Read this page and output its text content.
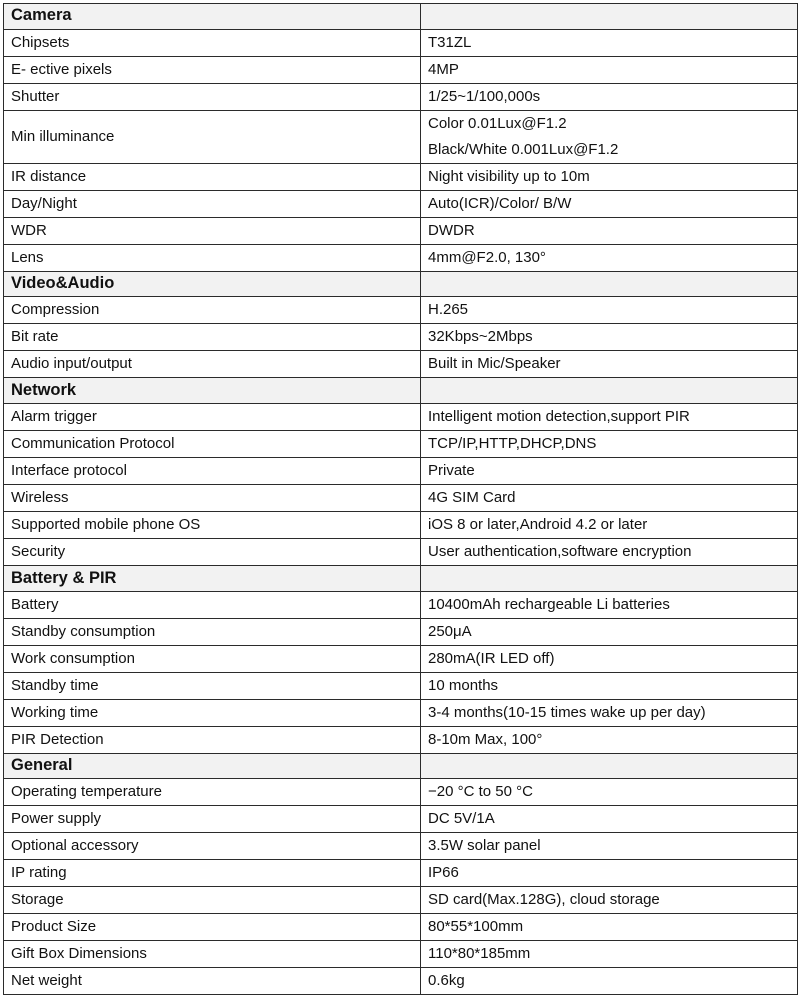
Camera	
Chipsets	T31ZL

E- ective pixels	4MP

Shutter	1/25~1/100,000s

Min illuminance	Color 0.01Lux@F1.2
Black/White 0.001Lux@F1.2

IR distance	Night visibility up to 10m

Day/Night	Auto(ICR)/Color/ B/W

WDR	DWDR

Lens	4mm@F2.0, 130°

Video&Audio	
Compression	H.265

Bit rate	32Kbps~2Mbps

Audio input/output	Built in Mic/Speaker

Network	
Alarm trigger	Intelligent motion detection,support PIR

Communication Protocol	TCP/IP,HTTP,DHCP,DNS

Interface protocol	Private

Wireless	4G SIM Card

Supported mobile phone OS	iOS 8 or later,Android 4.2 or later

Security	User authentication,software encryption

Battery & PIR	
Battery	10400mAh rechargeable Li batteries

Standby consumption	250μA

Work consumption	280mA(IR LED off)

Standby time	10 months

Working time	3-4 months(10-15 times wake up per day)

PIR Detection	8-10m Max, 100°

General	
Operating temperature	−20 °C to 50 °C

Power supply	DC 5V/1A

Optional accessory	3.5W solar panel

IP rating	IP66

Storage	SD card(Max.128G), cloud storage

Product Size	80*55*100mm

Gift Box Dimensions	110*80*185mm

Net weight	0.6kg
